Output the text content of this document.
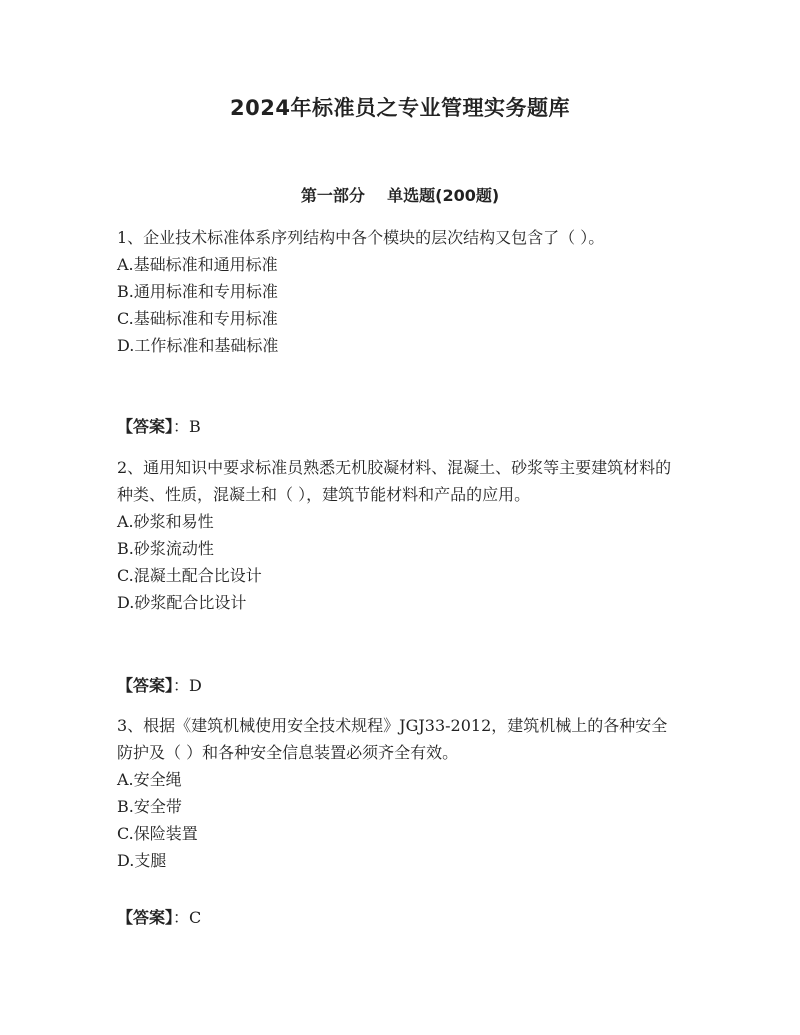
2024年标准员之专业管理实务题库
第一部分    单选题(200题)

1、企业技术标准体系序列结构中各个模块的层次结构又包含了（ ）。

A.基础标准和通用标准

B.通用标准和专用标准

C.基础标准和专用标准

D.工作标准和基础标准

【答案】：B

2、通用知识中要求标准员熟悉无机胶凝材料、混凝土、砂浆等主要建筑材料的种类、性质，混凝土和（ ），建筑节能材料和产品的应用。

A.砂浆和易性

B.砂浆流动性

C.混凝土配合比设计

D.砂浆配合比设计

【答案】：D

3、根据《建筑机械使用安全技术规程》JGJ33-2012，建筑机械上的各种安全防护及（ ）和各种安全信息装置必须齐全有效。

A.安全绳

B.安全带

C.保险装置

D.支腿

【答案】：C
